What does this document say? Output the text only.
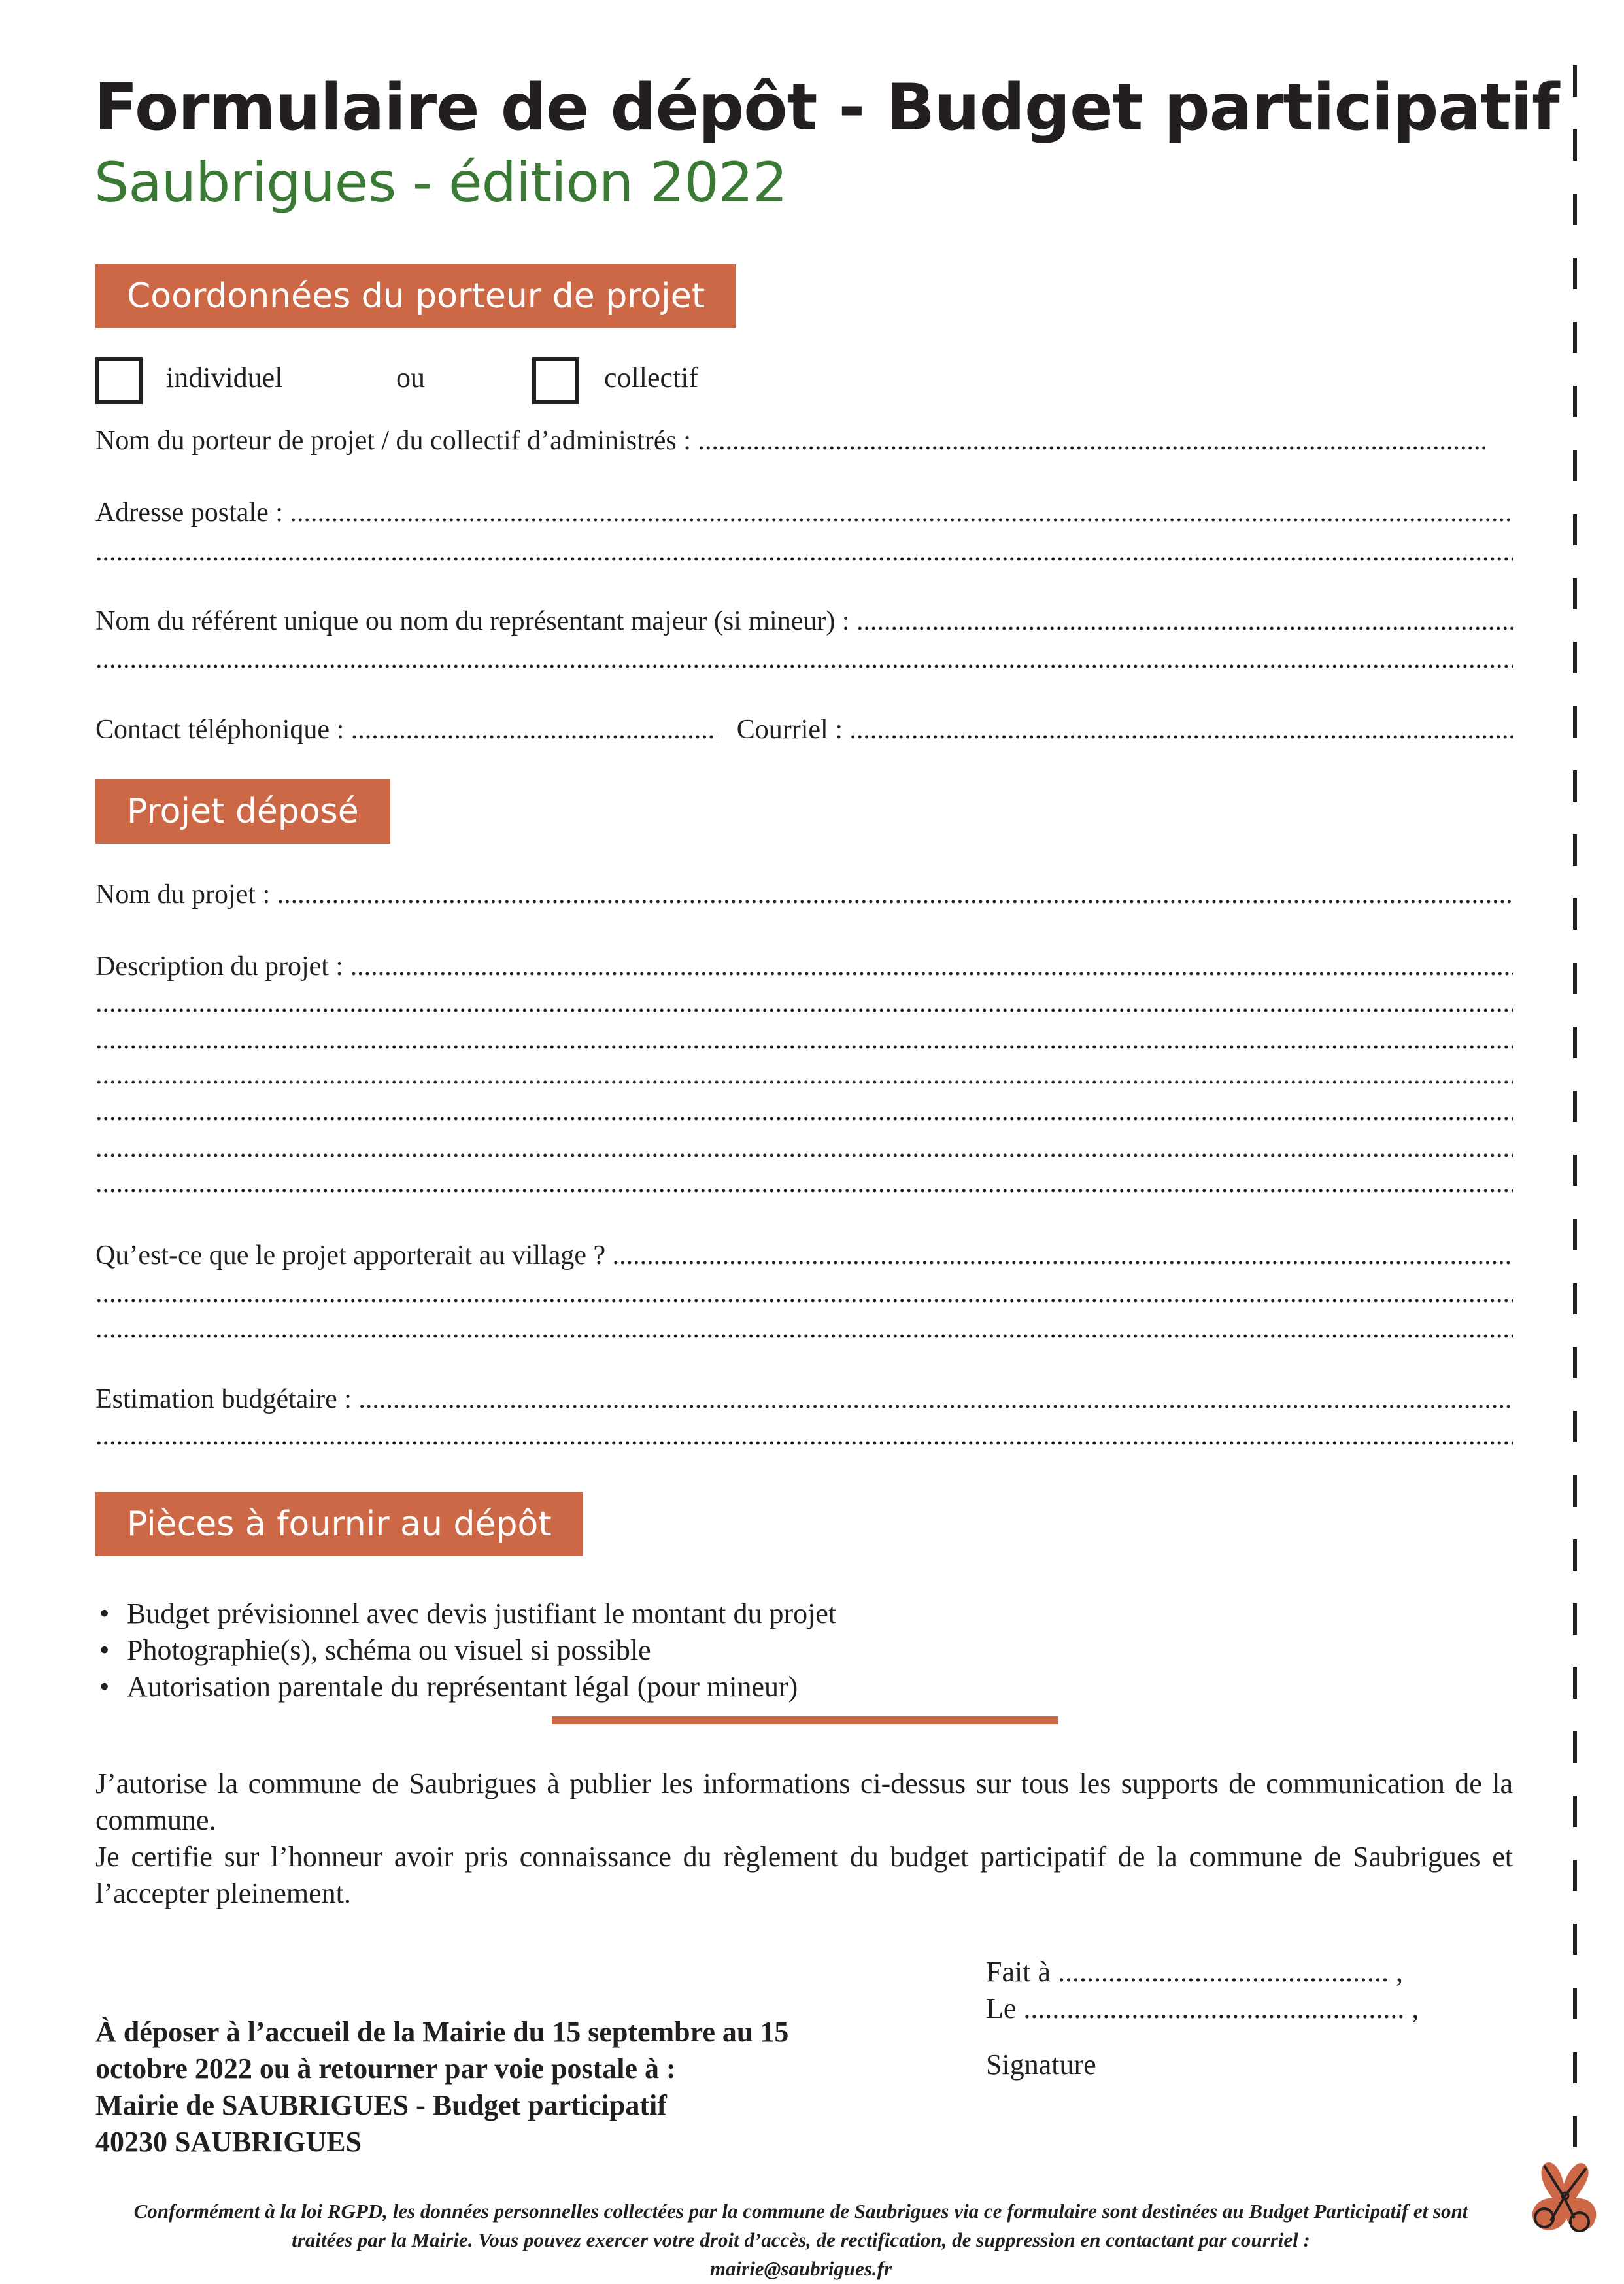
Formulaire de dépôt - Budget participatif
Saubrigues - édition 2022
Coordonnées du porteur de projet
individuel	ou	collectif
Nom du porteur de projet / du collectif d’administrés :

.....
Adresse postale :

.....
.....
Nom du référent unique ou nom du représentant majeur (si mineur) :

.....
.....
Contact téléphonique :
.....	Courriel :

.....
Projet déposé
Nom du projet :

.....
Description du projet :

.....
.....
.....
.....
.....
.....
.....
Qu’est-ce que le projet apporterait au village ?

.....
.....
.....
Estimation budgétaire :

.....
.....
Pièces à fournir au dépôt
• Budget prévisionnel avec devis justifiant le montant du projet
• Photographie(s), schéma ou visuel si possible
• Autorisation parentale du représentant légal (pour mineur)
J’autorise la commune de Saubrigues à publier les informations ci-dessus sur tous les supports de communication de la commune.
Je certifie sur l’honneur avoir pris connaissance du règlement du budget participatif de la commune de Saubrigues et l’accepter pleinement.
Fait à .............................................. ,
Le ..................................................... ,
Signature
À déposer à l’accueil de la Mairie du 15 septembre au 15
octobre 2022 ou à retourner par voie postale à :
Mairie de SAUBRIGUES - Budget participatif
40230 SAUBRIGUES
Conformément à la loi RGPD, les données personnelles collectées par la commune de Saubrigues via ce formulaire sont destinées au Budget Participatif et sont traitées par la Mairie. Vous pouvez exercer votre droit d’accès, de rectification, de suppression en contactant par courriel :
mairie@saubrigues.fr
